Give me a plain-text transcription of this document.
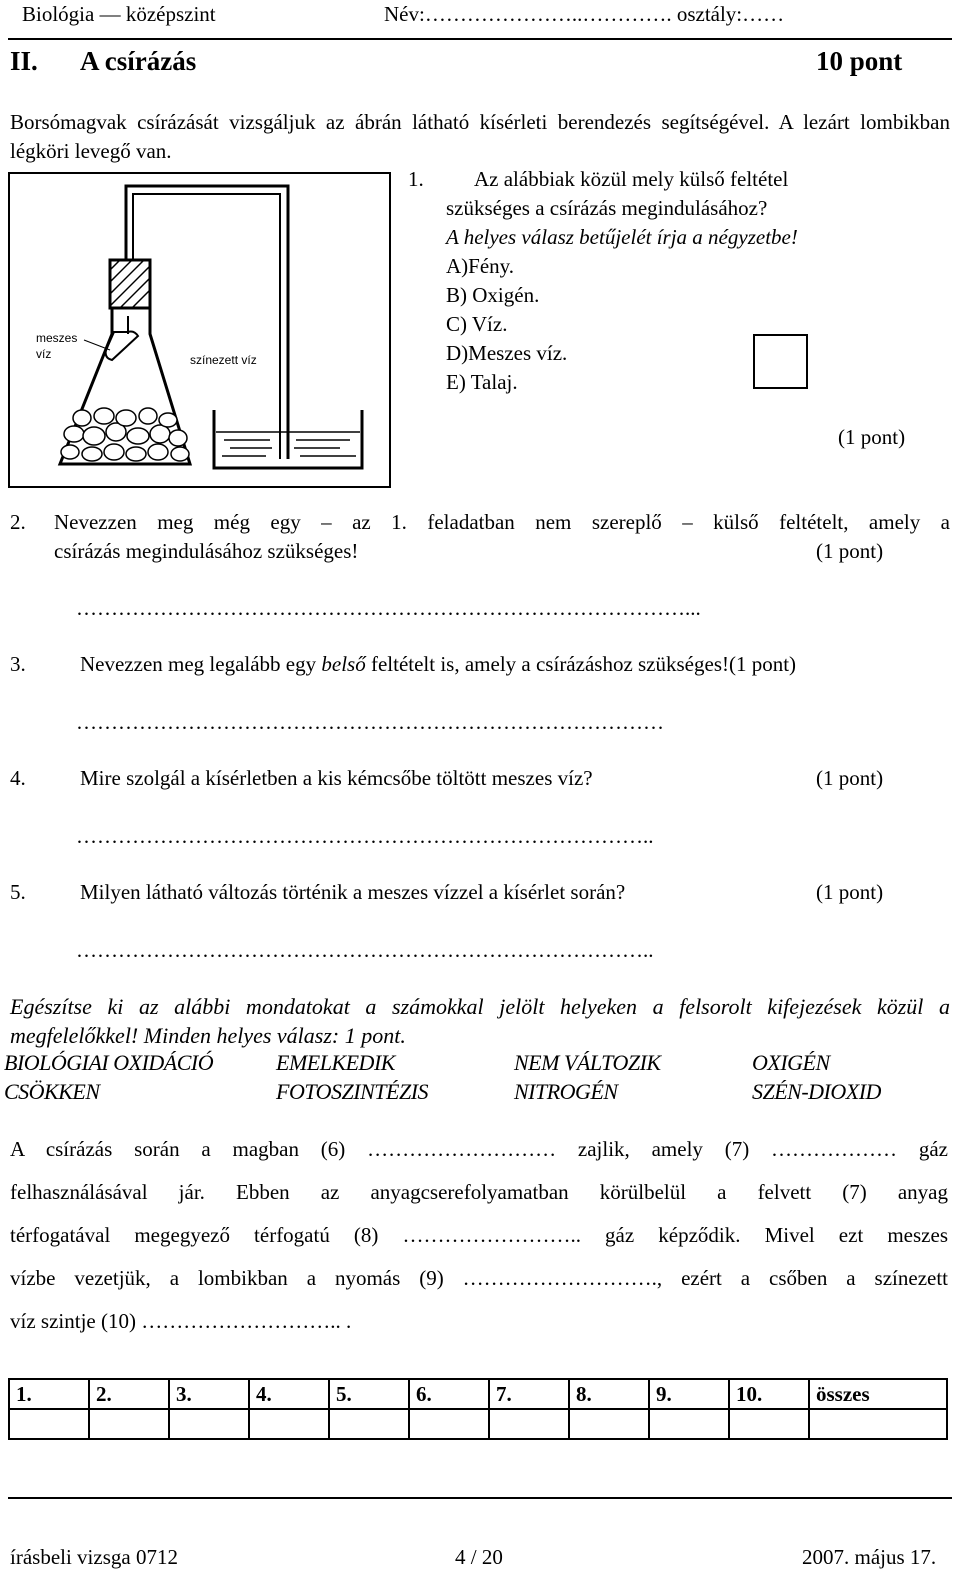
Biológia — középszint	Név:…………………..…………. osztály:……
II. A csírázás	10 pont
Borsómagvak csírázását vizsgáljuk az ábrán látható kísérleti berendezés segítségével. A lezárt lombikban légköri levegő van.
meszes
víz	színezett víz
1. Az alábbiak közül mely külső feltétel
szükséges a csírázás megindulásához?
A helyes válasz betűjelét írja a négyzetbe!
A)Fény.
B) Oxigén.
C) Víz.
D)Meszes víz.
E) Talaj.
(1 pont)
2. Nevezzen meg még egy – az 1. feladatban nem szereplő – külső feltételt, amely a
csírázás megindulásához szükséges!	(1 pont)
……………………………………………………………………………...
3.	Nevezzen meg legalább egy belső feltételt is, amely a csírázáshoz szükséges!(1 pont)
…………………………………………………………………………
4.	Mire szolgál a kísérletben a kis kémcsőbe töltött meszes víz?	(1 pont)
………………………………………………………………………..
5.	Milyen látható változás történik a meszes vízzel a kísérlet során?	(1 pont)
………………………………………………………………………..
Egészítse ki az alábbi mondatokat a számokkal jelölt helyeken a felsorolt kifejezések közül a megfelelőkkel! Minden helyes válasz: 1 pont.
BIOLÓGIAI OXIDÁCIÓ	EMELKEDIK	NEM VÁLTOZIK	OXIGÉN
CSÖKKEN	FOTOSZINTÉZIS	NITROGÉN	SZÉN-DIOXID
A csírázás során a magban (6) ……………………… zajlik, amely (7) ……………… gáz
felhasználásával jár. Ebben az anyagcserefolyamatban körülbelül a felvett (7) anyag
térfogatával megegyező térfogatú (8) …………………….. gáz képződik. Mivel ezt meszes
vízbe vezetjük, a lombikban a nyomás (9) ………………………., ezért a csőben a színezett
víz szintje (10) ……………………….. .
1.	2.	3.	4.	5.	6.	7.	8.	9.	10.	összes

írásbeli vizsga 0712	4 / 20	2007. május 17.
